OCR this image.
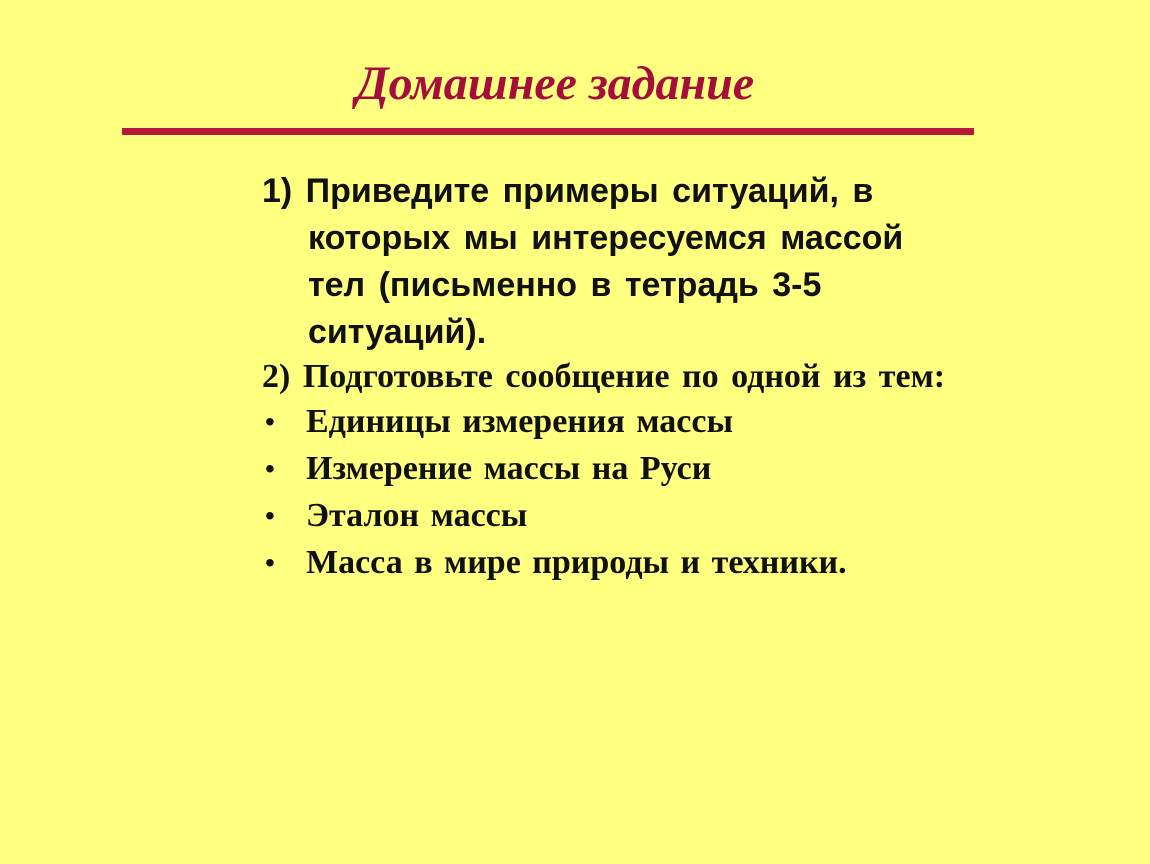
Домашнее задание
1) Приведите примеры ситуаций, в
которых мы интересуемся массой
тел (письменно в тетрадь 3-5
ситуаций).
2) Подготовьте сообщение по одной из тем:
• Единицы измерения массы
• Измерение массы на Руси
• Эталон массы
• Масса в мире природы и техники.
